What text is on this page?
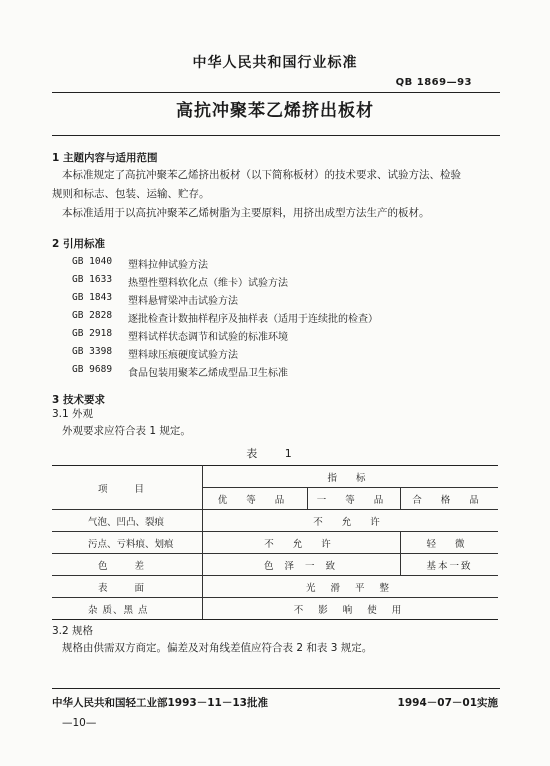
中华人民共和国行业标准
QB 1869—93
高抗冲聚苯乙烯挤出板材
1 主题内容与适用范围
本标准规定了高抗冲聚苯乙烯挤出板材（以下简称板材）的技术要求、试验方法、检验
规则和标志、包装、运输、贮存。
本标准适用于以高抗冲聚苯乙烯树脂为主要原料，用挤出成型方法生产的板材。
2 引用标准
GB 1040 塑料拉伸试验方法
GB 1633 热塑性塑料软化点（维卡）试验方法
GB 1843 塑料悬臂梁冲击试验方法
GB 2828 逐批检查计数抽样程序及抽样表（适用于连续批的检查）
GB 2918 塑料试样状态调节和试验的标准环境
GB 3398 塑料球压痕硬度试验方法
GB 9689 食品包装用聚苯乙烯成型品卫生标准
3 技术要求
3.1 外观
外观要求应符合表 1 规定。
表 1
项 目	指 标		
	优 等 品	一 等 品	合 格 品
气泡、凹凸、裂痕	不 允 许		
污点、亏料痕、划痕	不 允 许		轻 微
色 差	色 泽 一 致		基本一致
表 面	光 滑 平 整		
杂 质、黑 点	不 影 响 使 用		
3.2 规格
规格由供需双方商定。偏差及对角线差值应符合表 2 和表 3 规定。
中华人民共和国轻工业部1993－11－13批准	1994－07－01实施
—10—
